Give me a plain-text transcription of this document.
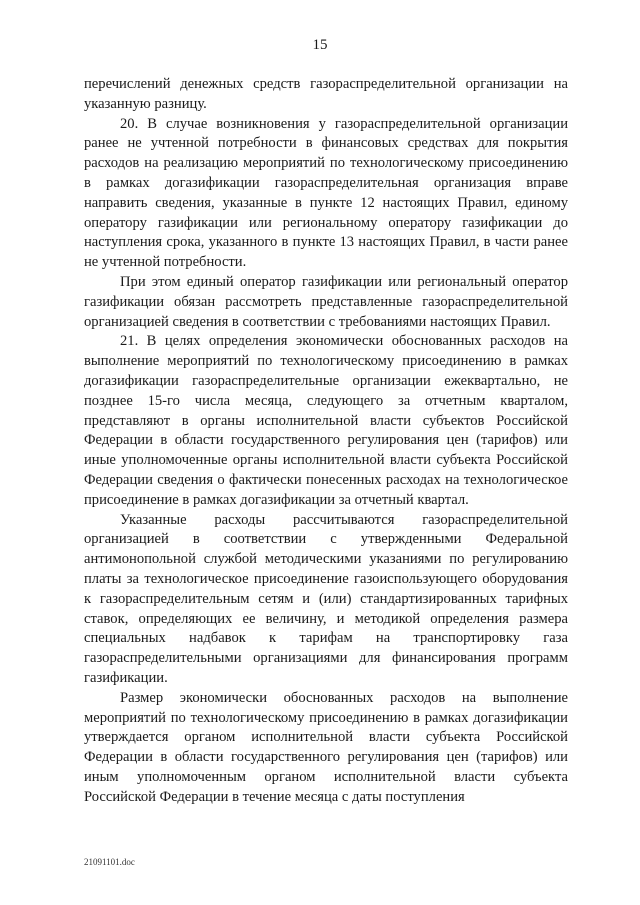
15

перечислений денежных средств газораспределительной организации на указанную разницу.

20. В случае возникновения у газораспределительной организации ранее не учтенной потребности в финансовых средствах для покрытия расходов на реализацию мероприятий по технологическому присоединению в рамках догазификации газораспределительная организация вправе направить сведения, указанные в пункте 12 настоящих Правил, единому оператору газификации или региональному оператору газификации до наступления срока, указанного в пункте 13 настоящих Правил, в части ранее не учтенной потребности.

При этом единый оператор газификации или региональный оператор газификации обязан рассмотреть представленные газораспределительной организацией сведения в соответствии с требованиями настоящих Правил.

21. В целях определения экономически обоснованных расходов на выполнение мероприятий по технологическому присоединению в рамках догазификации газораспределительные организации ежеквартально, не позднее 15-го числа месяца, следующего за отчетным кварталом, представляют в органы исполнительной власти субъектов Российской Федерации в области государственного регулирования цен (тарифов) или иные уполномоченные органы исполнительной власти субъекта Российской Федерации сведения о фактически понесенных расходах на технологическое присоединение в рамках догазификации за отчетный квартал.

Указанные расходы рассчитываются газораспределительной организацией в соответствии с утвержденными Федеральной антимонопольной службой методическими указаниями по регулированию платы за технологическое присоединение газоиспользующего оборудования к газораспределительным сетям и (или) стандартизированных тарифных ставок, определяющих ее величину, и методикой определения размера специальных надбавок к тарифам на транспортировку газа газораспределительными организациями для финансирования программ газификации.

Размер экономически обоснованных расходов на выполнение мероприятий по технологическому присоединению в рамках догазификации утверждается органом исполнительной власти субъекта Российской Федерации в области государственного регулирования цен (тарифов) или иным уполномоченным органом исполнительной власти субъекта Российской Федерации в течение месяца с даты поступления

21091101.doc
